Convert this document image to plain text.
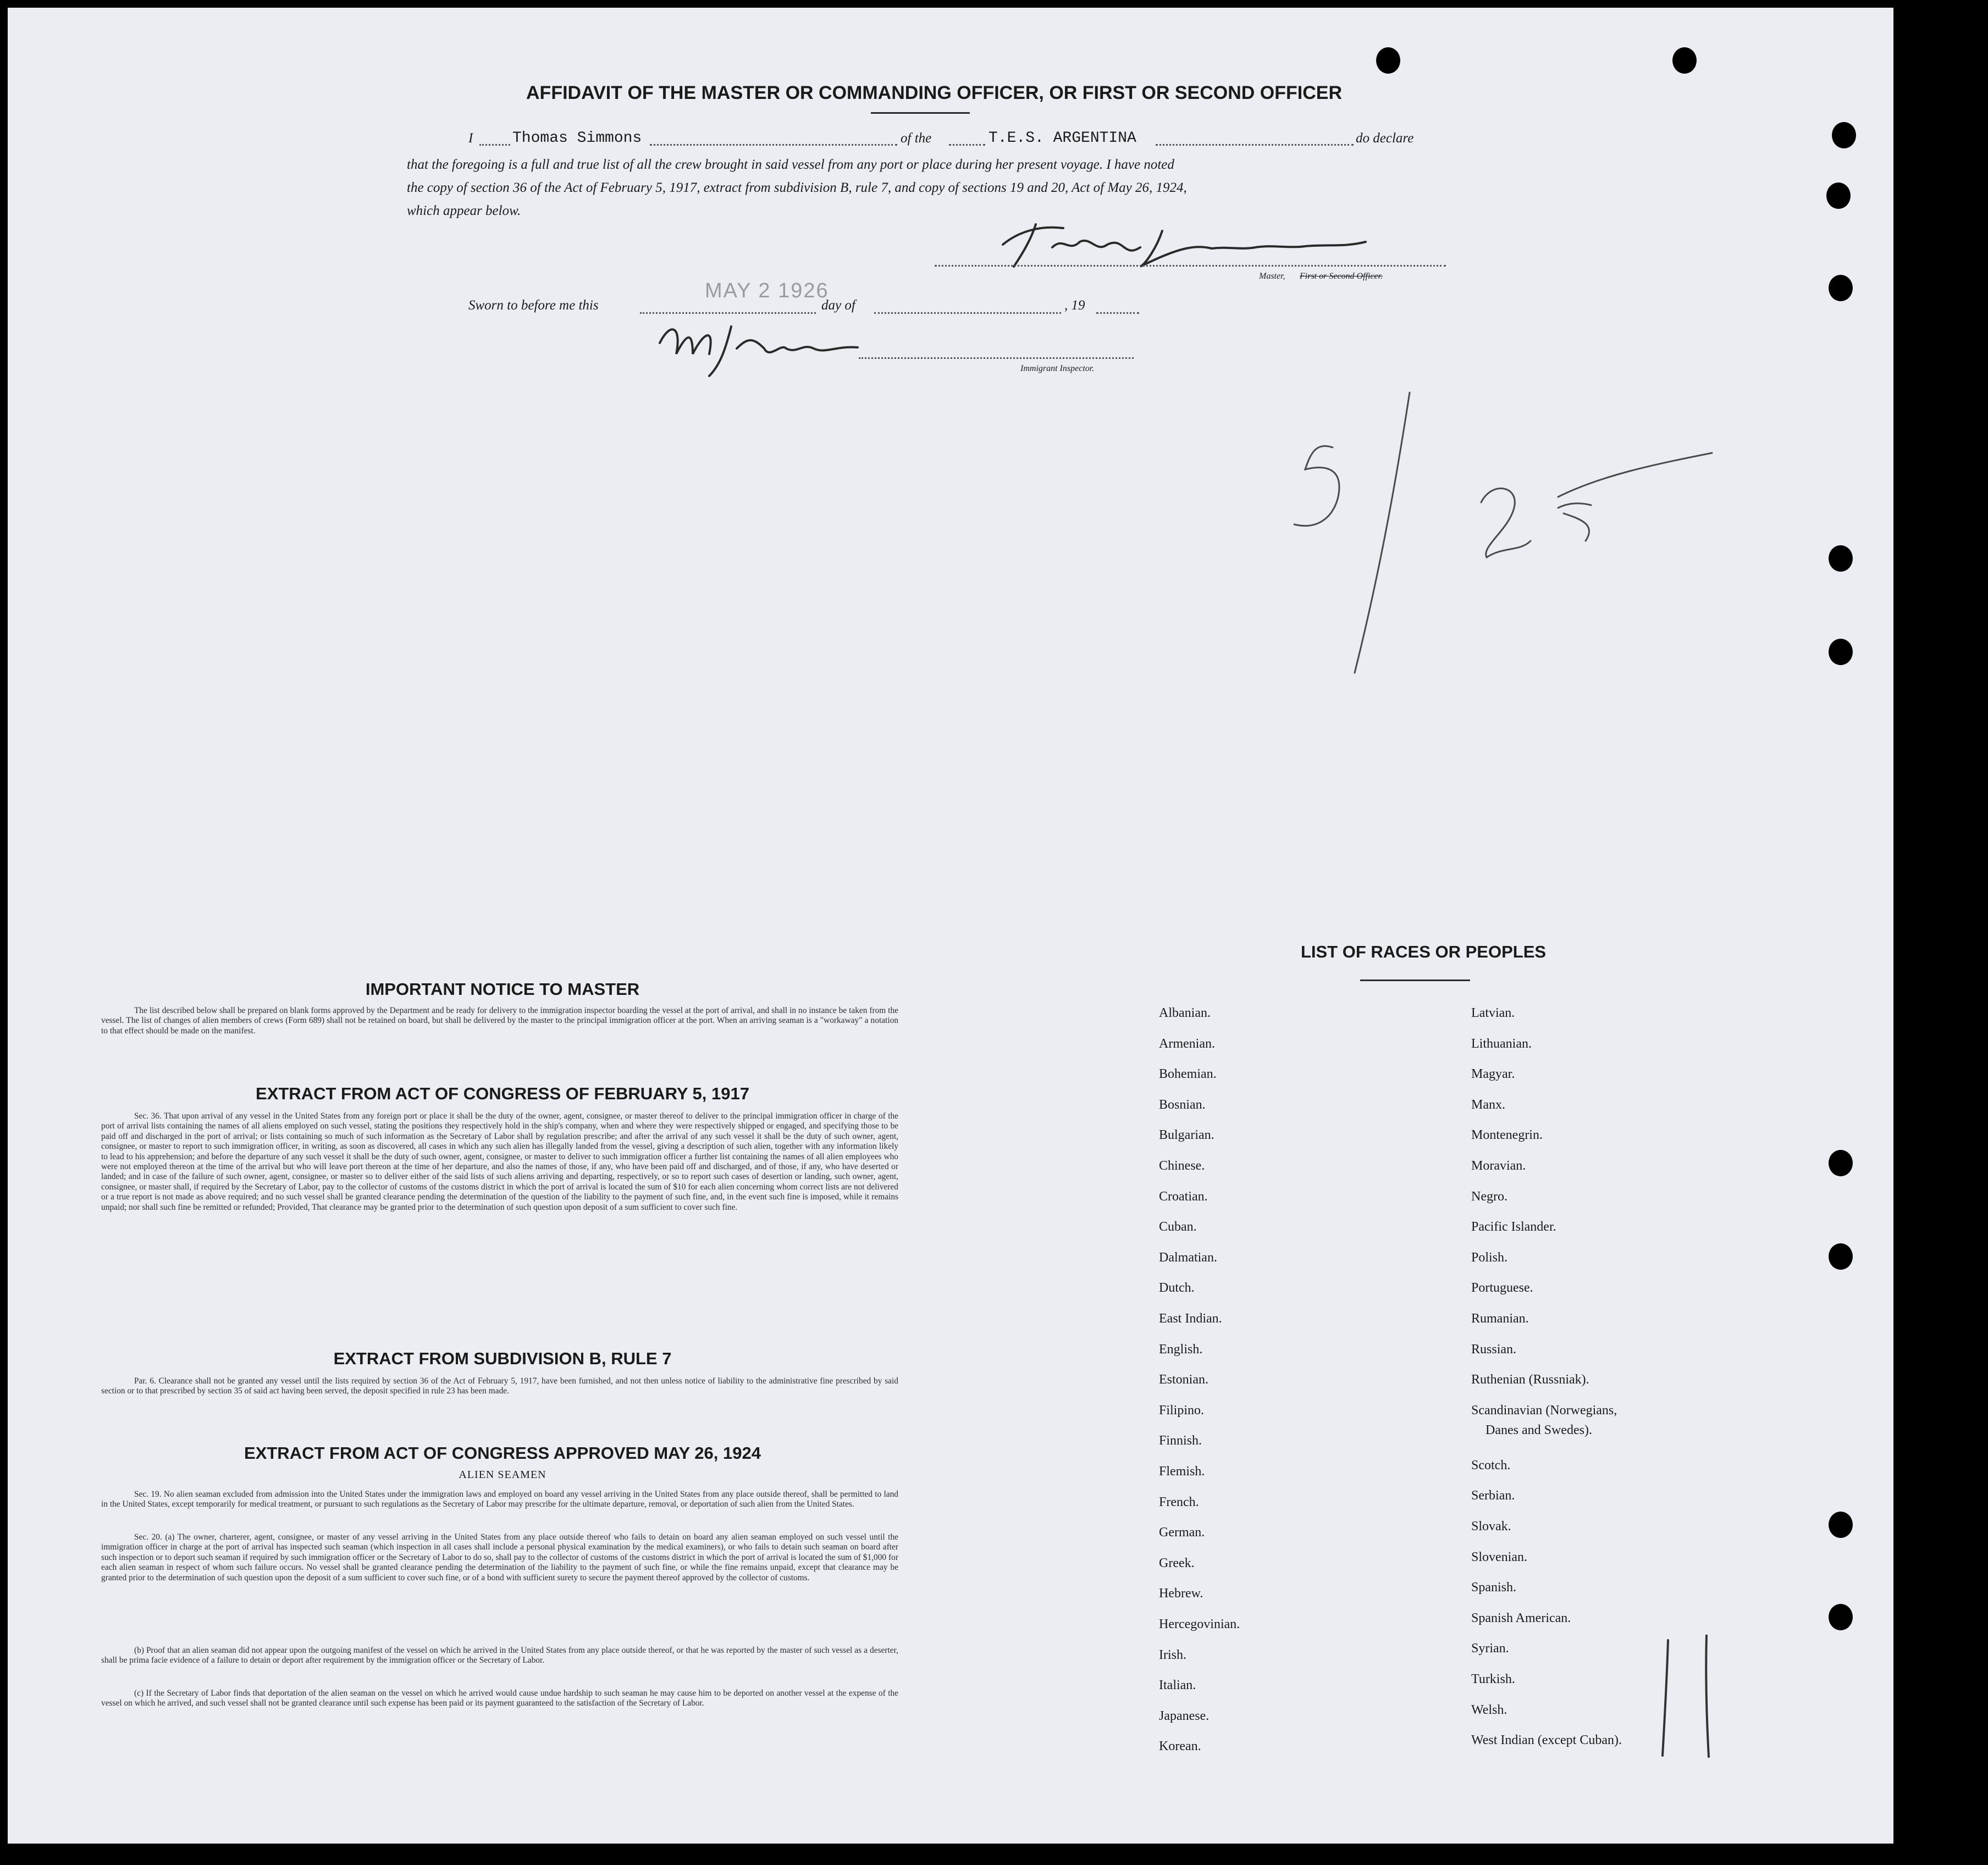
AFFIDAVIT OF THE MASTER OR COMMANDING OFFICER, OR FIRST OR SECOND OFFICER
I	Thomas Simmons	of the	T.E.S. ARGENTINA	do declare
that the foregoing is a full and true list of all the crew brought in said vessel from any port or place during her present voyage. I have noted
the copy of section 36 of the Act of February 5, 1917, extract from subdivision B, rule 7, and copy of sections 19 and 20, Act of May 26, 1924,
which appear below.
Master, First or Second Officer.
Sworn to before me this
MAY 2 1926
day of	, 19
Immigrant Inspector.
IMPORTANT NOTICE TO MASTER
The list described below shall be prepared on blank forms approved by the Department and be ready for delivery to the immigration inspector boarding the vessel at the port of arrival, and shall in no instance be taken from the vessel. The list of changes of alien members of crews (Form 689) shall not be retained on board, but shall be delivered by the master to the principal immigration officer at the port. When an arriving seaman is a "workaway" a notation to that effect should be made on the manifest.
EXTRACT FROM ACT OF CONGRESS OF FEBRUARY 5, 1917
Sec. 36. That upon arrival of any vessel in the United States from any foreign port or place it shall be the duty of the owner, agent, consignee, or master thereof to deliver to the principal immigration officer in charge of the port of arrival lists containing the names of all aliens employed on such vessel, stating the positions they respectively hold in the ship's company, when and where they were respectively shipped or engaged, and specifying those to be paid off and discharged in the port of arrival; or lists containing so much of such information as the Secretary of Labor shall by regulation prescribe; and after the arrival of any such vessel it shall be the duty of such owner, agent, consignee, or master to report to such immigration officer, in writing, as soon as discovered, all cases in which any such alien has illegally landed from the vessel, giving a description of such alien, together with any information likely to lead to his apprehension; and before the departure of any such vessel it shall be the duty of such owner, agent, consignee, or master to deliver to such immigration officer a further list containing the names of all alien employees who were not employed thereon at the time of the arrival but who will leave port thereon at the time of her departure, and also the names of those, if any, who have been paid off and discharged, and of those, if any, who have deserted or landed; and in case of the failure of such owner, agent, consignee, or master so to deliver either of the said lists of such aliens arriving and departing, respectively, or so to report such cases of desertion or landing, such owner, agent, consignee, or master shall, if required by the Secretary of Labor, pay to the collector of customs of the customs district in which the port of arrival is located the sum of $10 for each alien concerning whom correct lists are not delivered or a true report is not made as above required; and no such vessel shall be granted clearance pending the determination of the question of the liability to the payment of such fine, and, in the event such fine is imposed, while it remains unpaid; nor shall such fine be remitted or refunded; Provided, That clearance may be granted prior to the determination of such question upon deposit of a sum sufficient to cover such fine.
EXTRACT FROM SUBDIVISION B, RULE 7
Par. 6. Clearance shall not be granted any vessel until the lists required by section 36 of the Act of February 5, 1917, have been furnished, and not then unless notice of liability to the administrative fine prescribed by said section or to that prescribed by section 35 of said act having been served, the deposit specified in rule 23 has been made.
EXTRACT FROM ACT OF CONGRESS APPROVED MAY 26, 1924
ALIEN SEAMEN
Sec. 19. No alien seaman excluded from admission into the United States under the immigration laws and employed on board any vessel arriving in the United States from any place outside thereof, shall be permitted to land in the United States, except temporarily for medical treatment, or pursuant to such regulations as the Secretary of Labor may prescribe for the ultimate departure, removal, or deportation of such alien from the United States.
Sec. 20. (a) The owner, charterer, agent, consignee, or master of any vessel arriving in the United States from any place outside thereof who fails to detain on board any alien seaman employed on such vessel until the immigration officer in charge at the port of arrival has inspected such seaman (which inspection in all cases shall include a personal physical examination by the medical examiners), or who fails to detain such seaman on board after such inspection or to deport such seaman if required by such immigration officer or the Secretary of Labor to do so, shall pay to the collector of customs of the customs district in which the port of arrival is located the sum of $1,000 for each alien seaman in respect of whom such failure occurs. No vessel shall be granted clearance pending the determination of the liability to the payment of such fine, or while the fine remains unpaid, except that clearance may be granted prior to the determination of such question upon the deposit of a sum sufficient to cover such fine, or of a bond with sufficient surety to secure the payment thereof approved by the collector of customs.
(b) Proof that an alien seaman did not appear upon the outgoing manifest of the vessel on which he arrived in the United States from any place outside thereof, or that he was reported by the master of such vessel as a deserter, shall be prima facie evidence of a failure to detain or deport after requirement by the immigration officer or the Secretary of Labor.
(c) If the Secretary of Labor finds that deportation of the alien seaman on the vessel on which he arrived would cause undue hardship to such seaman he may cause him to be deported on another vessel at the expense of the vessel on which he arrived, and such vessel shall not be granted clearance until such expense has been paid or its payment guaranteed to the satisfaction of the Secretary of Labor.
LIST OF RACES OR PEOPLES
Albanian.
Armenian.
Bohemian.
Bosnian.
Bulgarian.
Chinese.
Croatian.
Cuban.
Dalmatian.
Dutch.
East Indian.
English.
Estonian.
Filipino.
Finnish.
Flemish.
French.
German.
Greek.
Hebrew.
Hercegovinian.
Irish.
Italian.
Japanese.
Korean.
Latvian.
Lithuanian.
Magyar.
Manx.
Montenegrin.
Moravian.
Negro.
Pacific Islander.
Polish.
Portuguese.
Rumanian.
Russian.
Ruthenian (Russniak).
Scandinavian (Norwegians,
Danes and Swedes).
Scotch.
Serbian.
Slovak.
Slovenian.
Spanish.
Spanish American.
Syrian.
Turkish.
Welsh.
West Indian (except Cuban).
